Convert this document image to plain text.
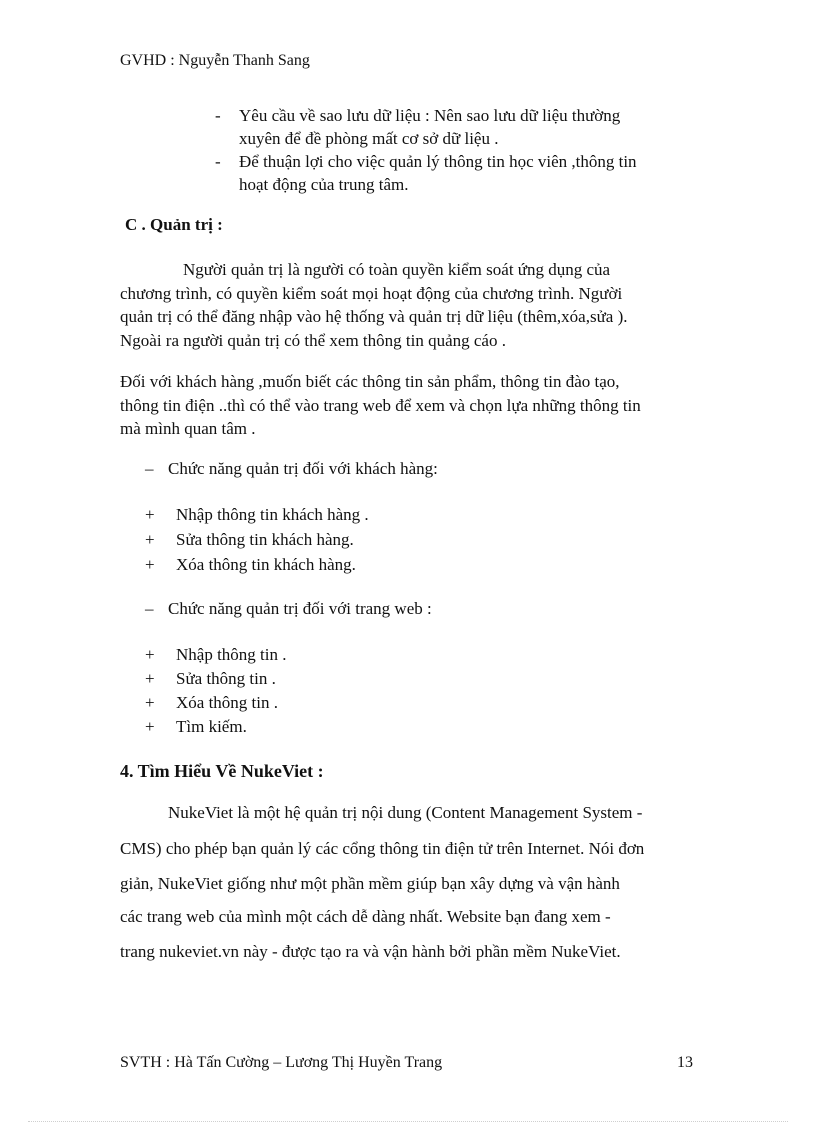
GVHD : Nguyễn Thanh Sang
- Yêu cầu về sao lưu dữ liệu : Nên sao lưu dữ liệu thường
xuyên để đề phòng mất cơ sở dữ liệu .
- Để thuận lợi cho việc quản lý thông tin học viên ,thông tin
hoạt động của trung tâm.
C . Quản trị :
Người quản trị là người có toàn quyền kiểm soát ứng dụng của
chương trình, có quyền kiểm soát mọi hoạt động của chương trình. Người
quản trị có thể đăng nhập vào hệ thống và quản trị dữ liệu (thêm,xóa,sửa ).
Ngoài ra người quản trị có thể xem thông tin quảng cáo .
Đối với khách hàng ,muốn biết các thông tin sản phẩm, thông tin đào tạo,
thông tin điện ..thì có thể vào trang web để xem và chọn lựa những thông tin
mà mình quan tâm .
– Chức năng quản trị đối với khách hàng:
+ Nhập thông tin khách hàng .
+ Sửa thông tin khách hàng.
+ Xóa thông tin khách hàng.
– Chức năng quản trị đối với trang web :
+ Nhập thông tin .
+ Sửa thông tin .
+ Xóa thông tin .
+ Tìm kiếm.
4. Tìm Hiểu Về NukeViet :
NukeViet là một hệ quản trị nội dung (Content Management System -
CMS) cho phép bạn quản lý các cổng thông tin điện tử trên Internet. Nói đơn
giản, NukeViet giống như một phần mềm giúp bạn xây dựng và vận hành
các trang web của mình một cách dễ dàng nhất. Website bạn đang xem -
trang nukeviet.vn này - được tạo ra và vận hành bởi phần mềm NukeViet.
SVTH : Hà Tấn Cường – Lương Thị Huyền Trang	13
